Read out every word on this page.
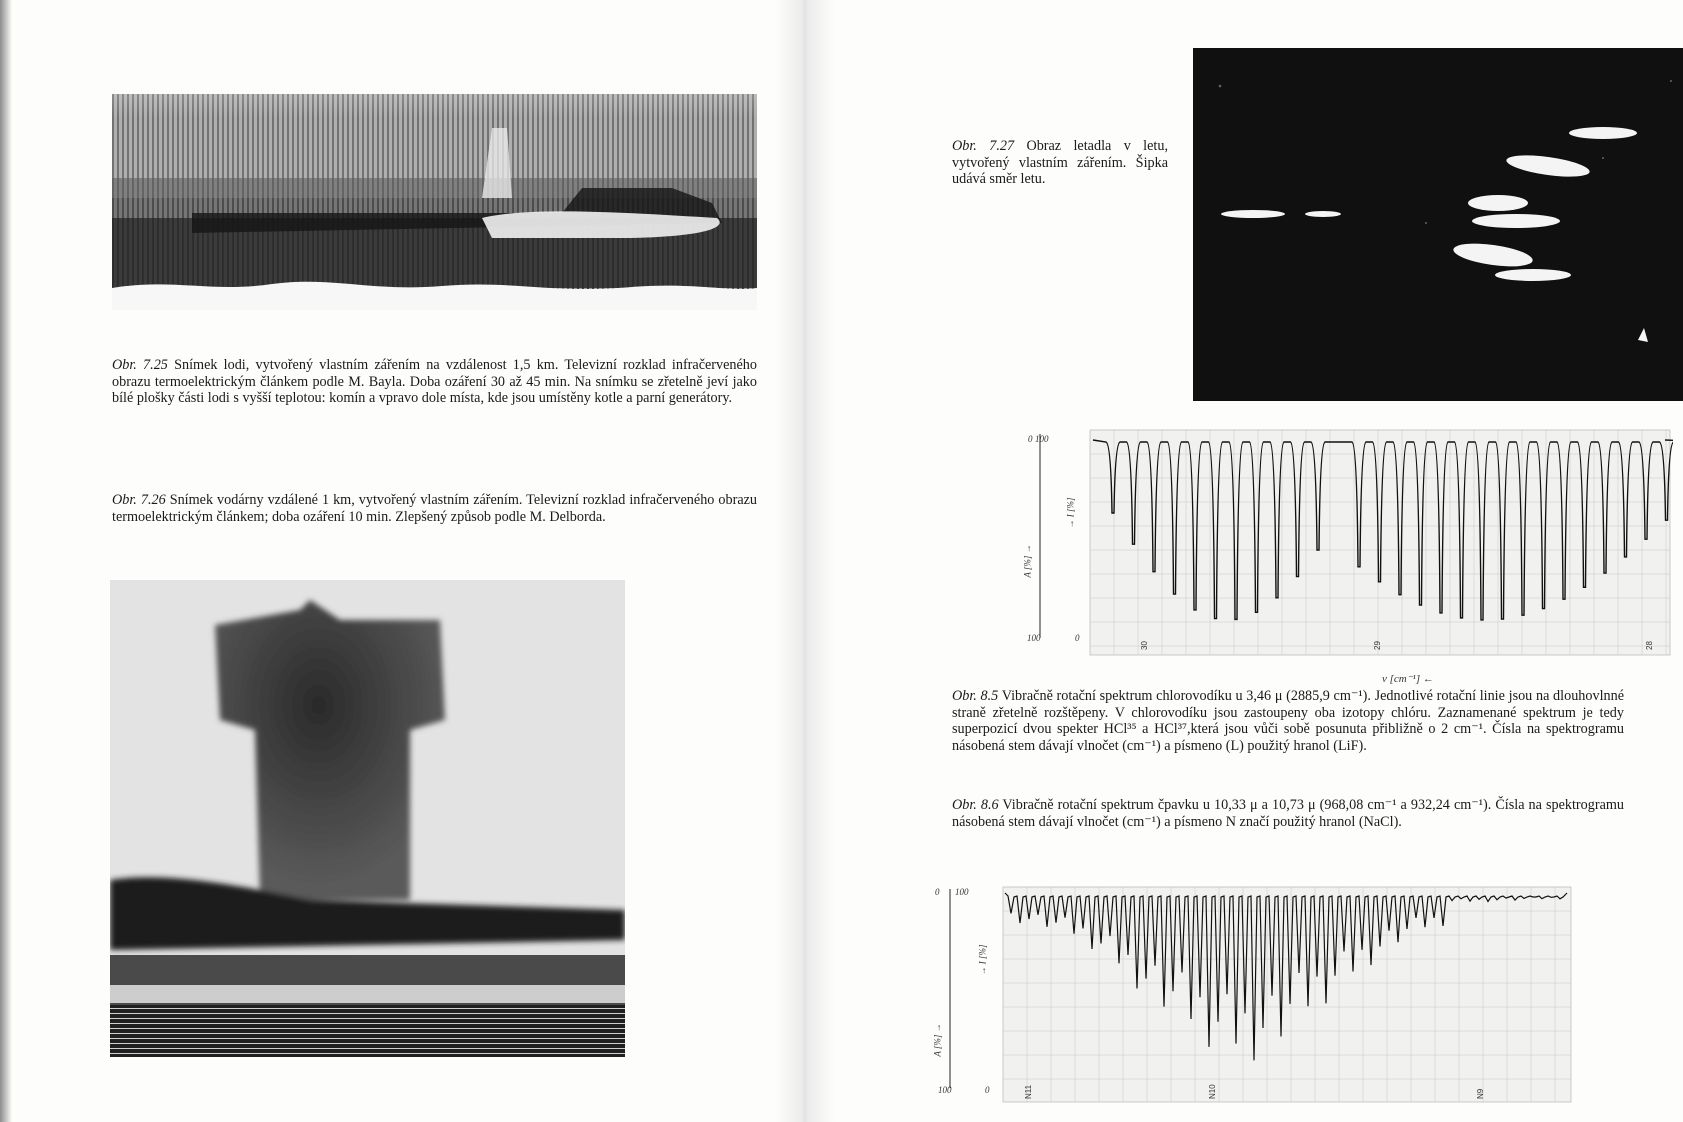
Obr. 7.25 Snímek lodi, vytvořený vlastním zářením na vzdálenost 1,5 km. Televizní rozklad infračerveného obrazu termoelektrickým článkem podle M. Bayla. Doba ozáření 30 až 45 min. Na snímku se zřetelně jeví jako bílé plošky části lodi s vyšší teplotou: komín a vpravo dole místa, kde jsou umístěny kotle a parní generátory.
Obr. 7.26 Snímek vodárny vzdálené 1 km, vytvořený vlastním zářením. Televizní rozklad infračerveného obrazu termoelektrickým článkem; doba ozáření 10 min. Zlepšený způsob podle M. Delborda.
Obr. 7.27 Obraz letadla v letu, vytvořený vlastním zářením. Šipka udává směr letu.
0 100
100	0
A [%] →
→ I [%]
30	29	28
ν [cm⁻¹] ←
Obr. 8.5 Vibračně rotační spektrum chlorovodíku u 3,46 μ (2885,9 cm⁻¹). Jednotlivé rotační linie jsou na dlouhovlnné straně zřetelně rozštěpeny. V chlorovodíku jsou zastoupeny oba izotopy chlóru. Zaznamenané spektrum je tedy superpozicí dvou spekter HCl³⁵ a HCl³⁷,která jsou vůči sobě posunuta přibližně o 2 cm⁻¹. Čísla na spektrogramu násobená stem dávají vlnočet (cm⁻¹) a písmeno (L) použitý hranol (LiF).
Obr. 8.6 Vibračně rotační spektrum čpavku u 10,33 μ a 10,73 μ (968,08 cm⁻¹ a 932,24 cm⁻¹). Čísla na spektrogramu násobená stem dávají vlnočet (cm⁻¹) a písmeno N značí použitý hranol (NaCl).
0 100
100	0
A [%] →
→ I [%]
N11	N10	N9
